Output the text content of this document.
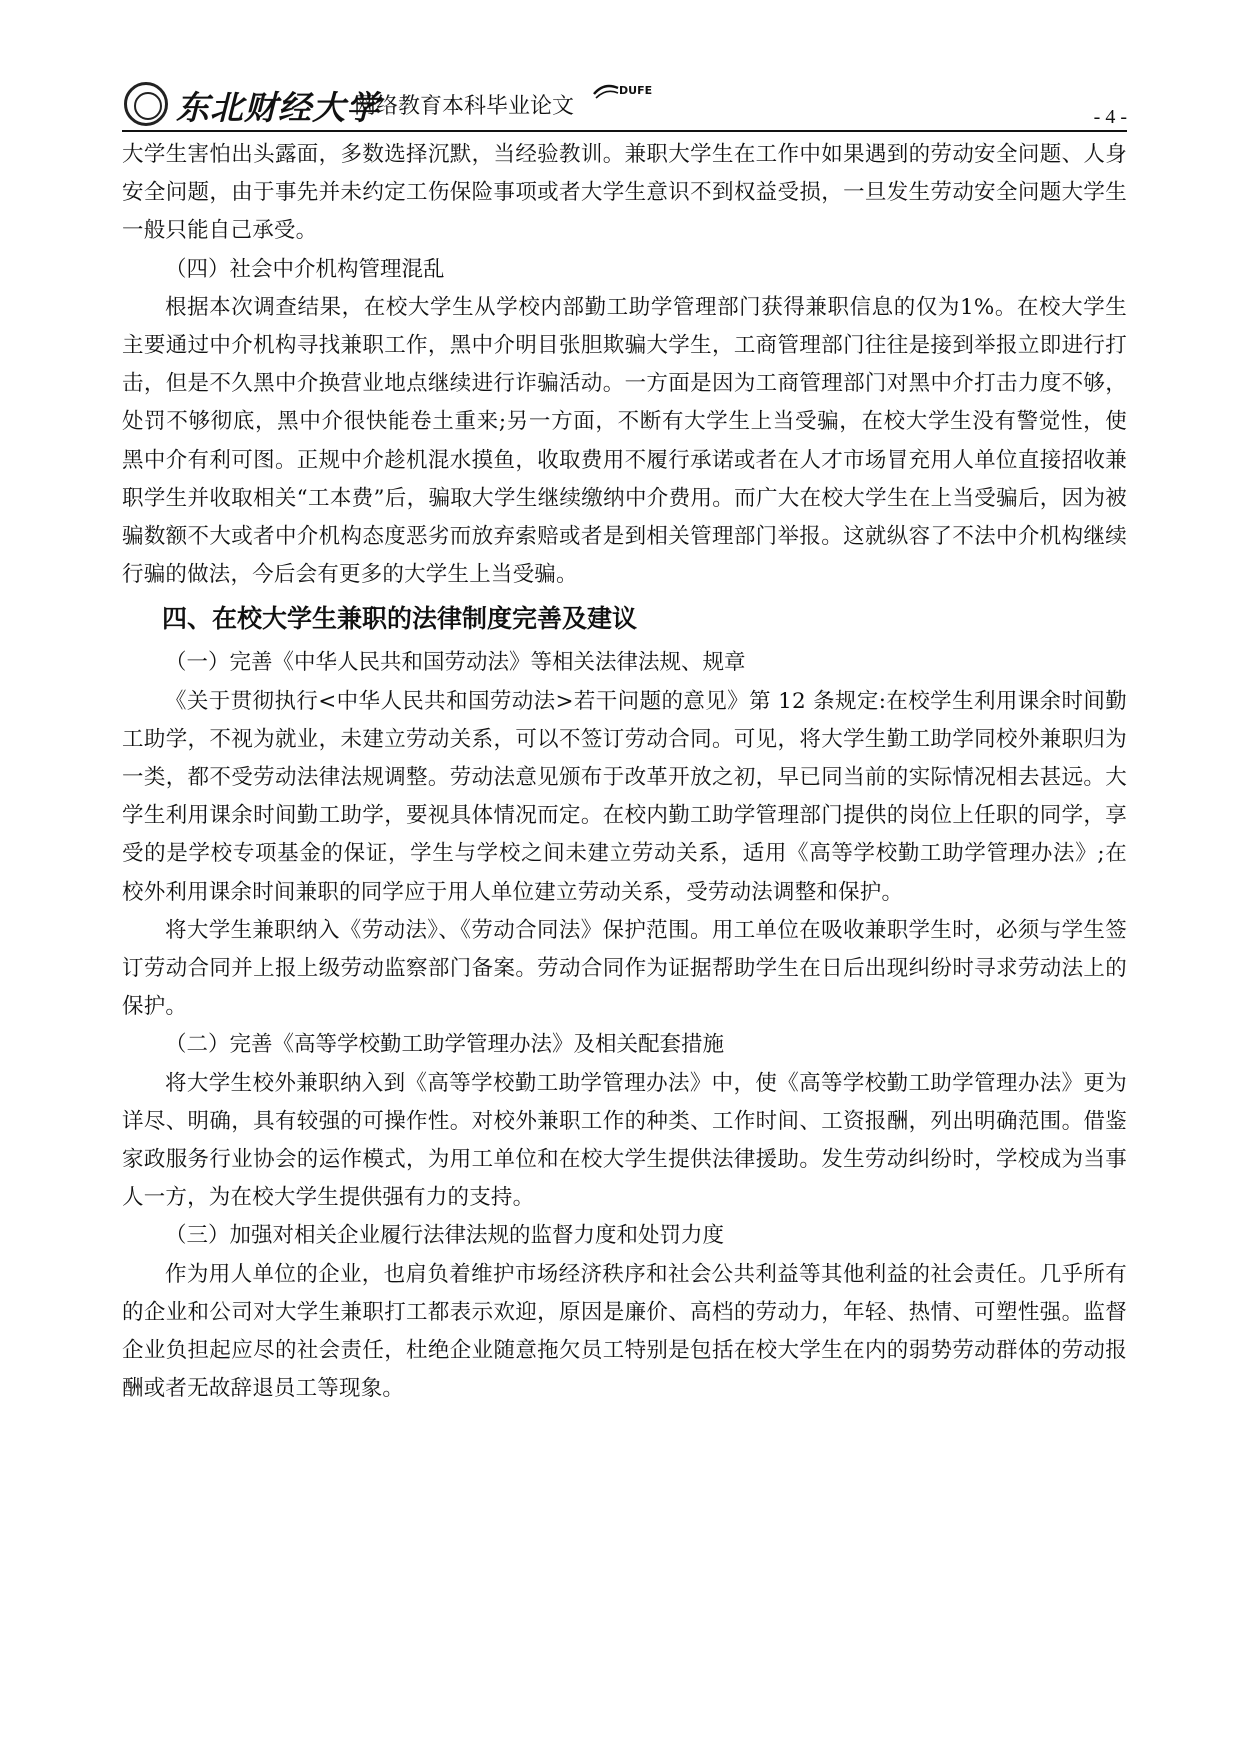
东北财经大学
网络教育本科毕业论文
DUFE
- 4 -

大学生害怕出头露面，多数选择沉默，当经验教训。兼职大学生在工作中如果遇到的劳动安全问题、人身安全问题，由于事先并未约定工伤保险事项或者大学生意识不到权益受损，一旦发生劳动安全问题大学生一般只能自己承受。

（四）社会中介机构管理混乱

根据本次调查结果，在校大学生从学校内部勤工助学管理部门获得兼职信息的仅为1%。在校大学生主要通过中介机构寻找兼职工作，黑中介明目张胆欺骗大学生，工商管理部门往往是接到举报立即进行打击，但是不久黑中介换营业地点继续进行诈骗活动。一方面是因为工商管理部门对黑中介打击力度不够，处罚不够彻底，黑中介很快能卷土重来;另一方面，不断有大学生上当受骗，在校大学生没有警觉性，使黑中介有利可图。正规中介趁机混水摸鱼，收取费用不履行承诺或者在人才市场冒充用人单位直接招收兼职学生并收取相关“工本费”后，骗取大学生继续缴纳中介费用。而广大在校大学生在上当受骗后，因为被骗数额不大或者中介机构态度恶劣而放弃索赔或者是到相关管理部门举报。这就纵容了不法中介机构继续行骗的做法，今后会有更多的大学生上当受骗。

四、在校大学生兼职的法律制度完善及建议

（一）完善《中华人民共和国劳动法》等相关法律法规、规章

《关于贯彻执行<中华人民共和国劳动法>若干问题的意见》第 12 条规定:在校学生利用课余时间勤工助学，不视为就业，未建立劳动关系，可以不签订劳动合同。可见，将大学生勤工助学同校外兼职归为一类，都不受劳动法律法规调整。劳动法意见颁布于改革开放之初，早已同当前的实际情况相去甚远。大学生利用课余时间勤工助学，要视具体情况而定。在校内勤工助学管理部门提供的岗位上任职的同学，享受的是学校专项基金的保证，学生与学校之间未建立劳动关系，适用《高等学校勤工助学管理办法》;在校外利用课余时间兼职的同学应于用人单位建立劳动关系，受劳动法调整和保护。

将大学生兼职纳入《劳动法》、《劳动合同法》保护范围。用工单位在吸收兼职学生时，必须与学生签订劳动合同并上报上级劳动监察部门备案。劳动合同作为证据帮助学生在日后出现纠纷时寻求劳动法上的保护。

（二）完善《高等学校勤工助学管理办法》及相关配套措施

将大学生校外兼职纳入到《高等学校勤工助学管理办法》中，使《高等学校勤工助学管理办法》更为详尽、明确，具有较强的可操作性。对校外兼职工作的种类、工作时间、工资报酬，列出明确范围。借鉴家政服务行业协会的运作模式，为用工单位和在校大学生提供法律援助。发生劳动纠纷时，学校成为当事人一方，为在校大学生提供强有力的支持。

（三）加强对相关企业履行法律法规的监督力度和处罚力度

作为用人单位的企业，也肩负着维护市场经济秩序和社会公共利益等其他利益的社会责任。几乎所有的企业和公司对大学生兼职打工都表示欢迎，原因是廉价、高档的劳动力，年轻、热情、可塑性强。监督企业负担起应尽的社会责任，杜绝企业随意拖欠员工特别是包括在校大学生在内的弱势劳动群体的劳动报酬或者无故辞退员工等现象。
